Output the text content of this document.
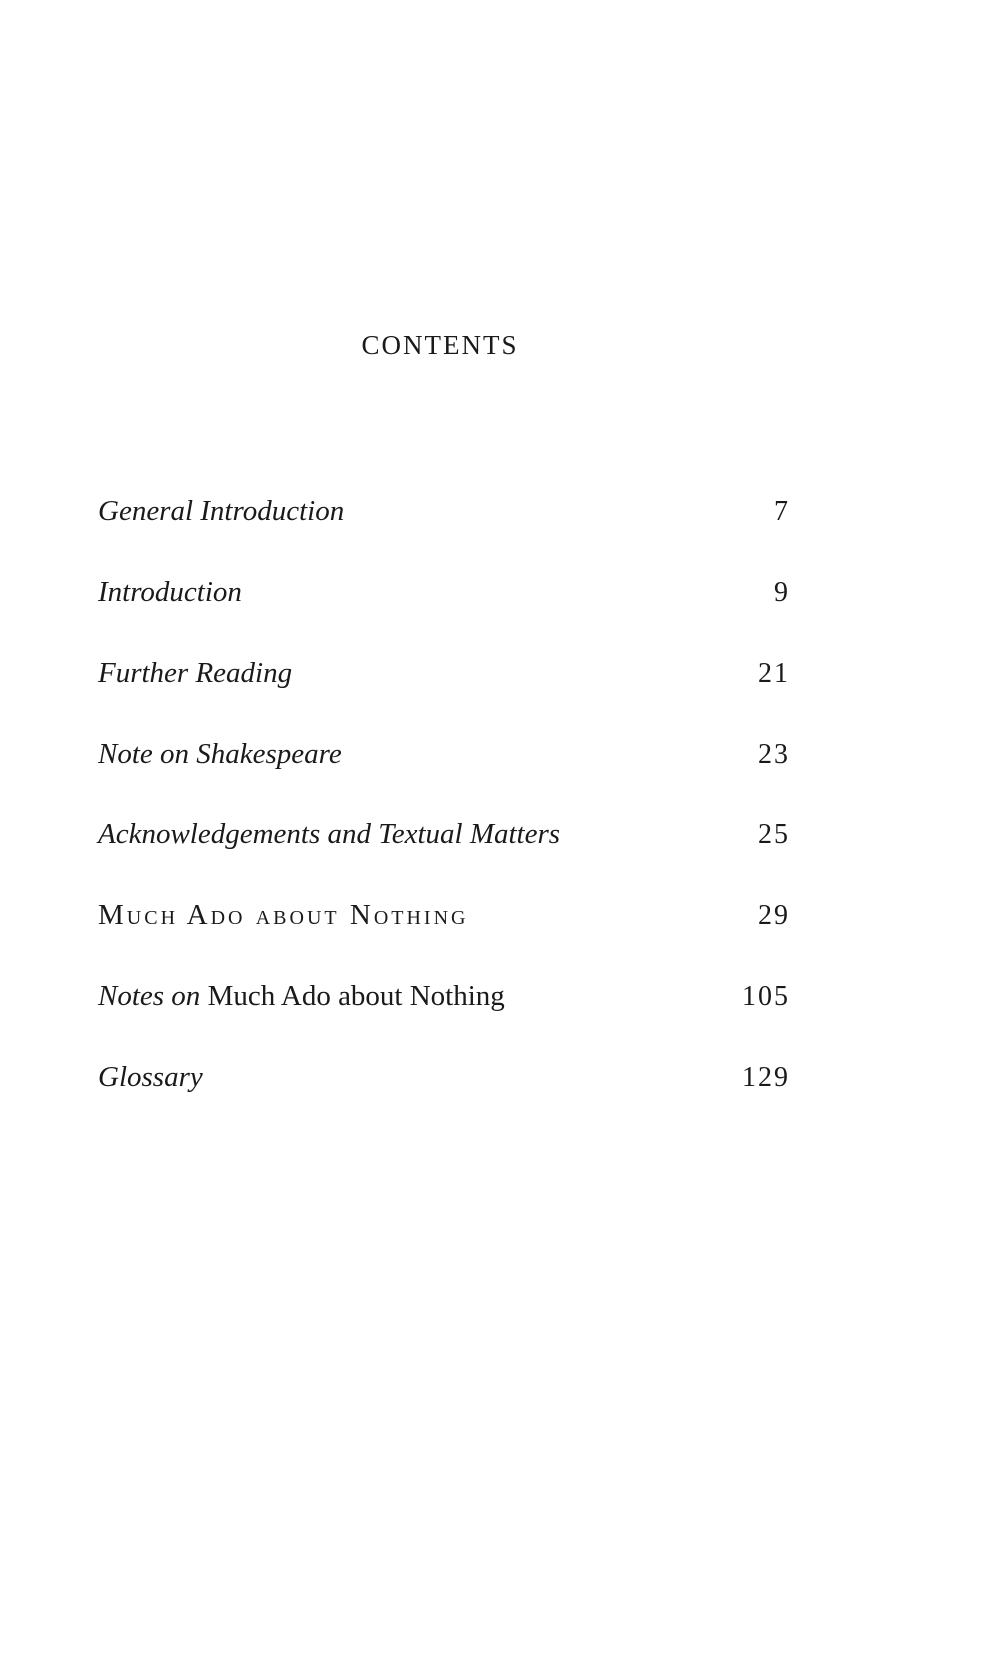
CONTENTS
General Introduction	7
Introduction	9
Further Reading	21
Note on Shakespeare	23
Acknowledgements and Textual Matters	25
Much Ado about Nothing	29
Notes on Much Ado about Nothing	105
Glossary	129
